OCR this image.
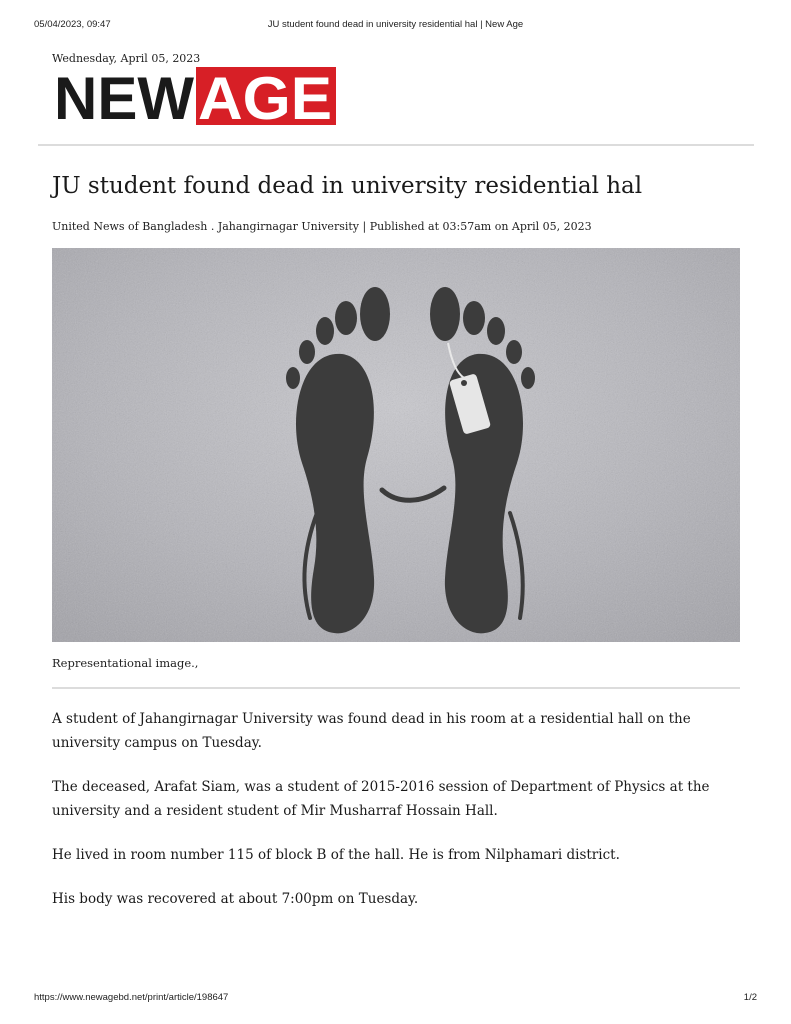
05/04/2023, 09:47	JU student found dead in university residential hal | New Age
Wednesday, April 05, 2023
NEW AGE
JU student found dead in university residential hal
United News of Bangladesh . Jahangirnagar University | Published at 03:57am on April 05, 2023
Representational image.,

A student of Jahangirnagar University was found dead in his room at a residential hall on the university campus on Tuesday.

The deceased, Arafat Siam, was a student of 2015-2016 session of Department of Physics at the university and a resident student of Mir Musharraf Hossain Hall.

He lived in room number 115 of block B of the hall. He is from Nilphamari district.

His body was recovered at about 7:00pm on Tuesday.

https://www.newagebd.net/print/article/198647	1/2
